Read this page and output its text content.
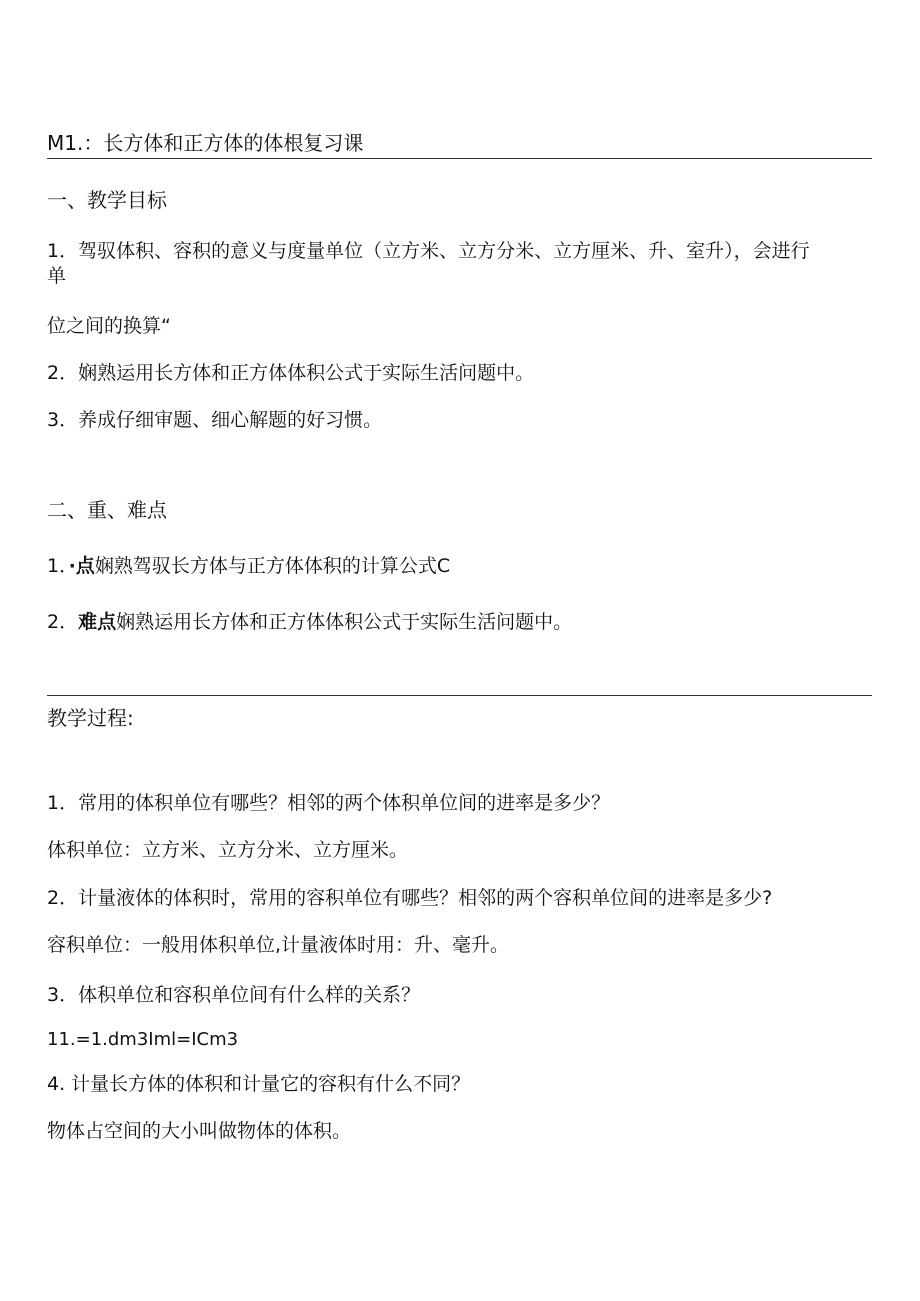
M1.：长方体和正方体的体根复习课
一、教学目标
1．驾驭体积、容积的意义与度量单位（立方米、立方分米、立方厘米、升、室升），会进行
单
位之间的换算“
2．娴熟运用长方体和正方体体积公式于实际生活问题中。
3．养成仔细审题、细心解题的好习惯。
二、重、难点
1．·点娴熟驾驭长方体与正方体体积的计算公式C
2．难点娴熟运用长方体和正方体体积公式于实际生活问题中。
教学过程:
1．常用的体积单位有哪些？相邻的两个体积单位间的进率是多少？
体积单位：立方米、立方分米、立方厘米。
2．计量液体的体积时，常用的容积单位有哪些？相邻的两个容积单位间的进率是多少?
容积单位：一般用体积单位,计量液体时用：升、毫升。
3．体积单位和容积单位间有什么样的关系？
11.=1.dm3Iml=ICm3
4. 计量长方体的体积和计量它的容积有什么不同？
物体占空间的大小叫做物体的体积。
